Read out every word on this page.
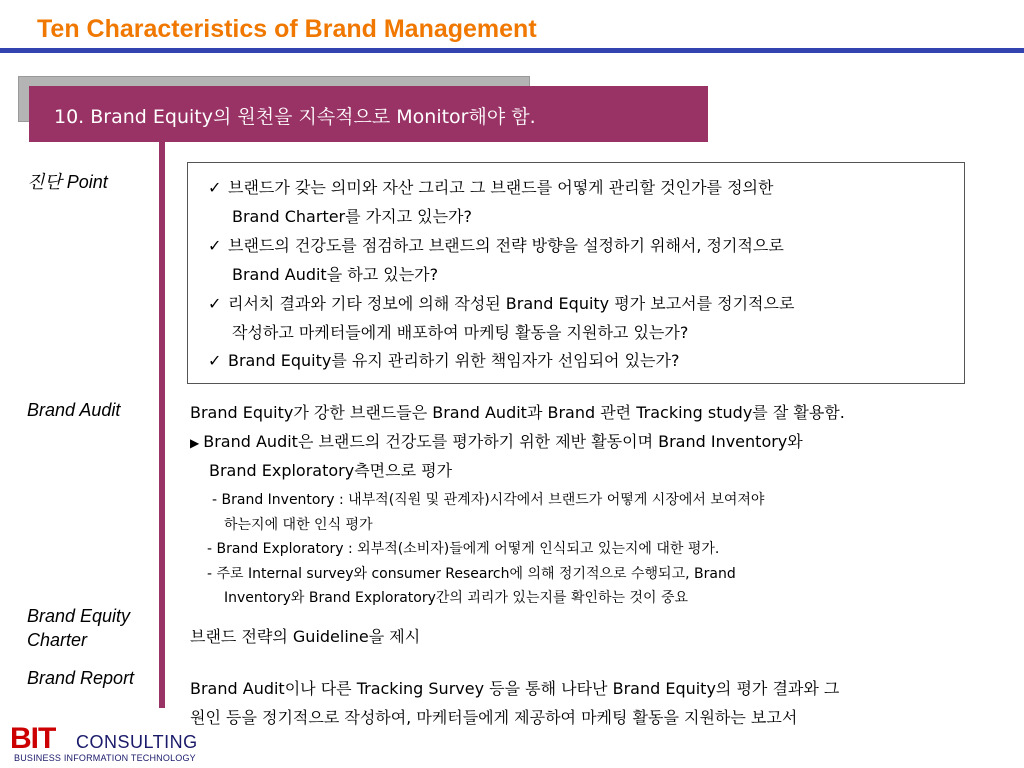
Ten Characteristics of Brand Management
10. Brand Equity의 원천을 지속적으로 Monitor해야 함.
진단 Point
Brand Audit
Brand Equity
Charter
Brand Report
✓ 브랜드가 갖는 의미와 자산 그리고 그 브랜드를 어떻게 관리할 것인가를 정의한
Brand Charter를 가지고 있는가?
✓ 브랜드의 건강도를 점검하고 브랜드의 전략 방향을 설정하기 위해서, 정기적으로
Brand Audit을 하고 있는가?
✓ 리서치 결과와 기타 정보에 의해 작성된 Brand Equity 평가 보고서를 정기적으로
작성하고 마케터들에게 배포하여 마케팅 활동을 지원하고 있는가?
✓ Brand Equity를 유지 관리하기 위한 책임자가 선임되어 있는가?
Brand Equity가 강한 브랜드들은 Brand Audit과 Brand 관련 Tracking study를 잘 활용함.
▶ Brand Audit은 브랜드의 건강도를 평가하기 위한 제반 활동이며 Brand Inventory와
Brand Exploratory측면으로 평가
- Brand Inventory : 내부적(직원 및 관계자)시각에서 브랜드가 어떻게 시장에서 보여져야
하는지에 대한 인식 평가
- Brand Exploratory : 외부적(소비자)들에게 어떻게 인식되고 있는지에 대한 평가.
- 주로 Internal survey와 consumer Research에 의해 정기적으로 수행되고, Brand
Inventory와 Brand Exploratory간의 괴리가 있는지를 확인하는 것이 중요
브랜드 전략의 Guideline을 제시
Brand Audit이나 다른 Tracking Survey 등을 통해 나타난 Brand Equity의 평가 결과와 그
원인 등을 정기적으로 작성하여, 마케터들에게 제공하여 마케팅 활동을 지원하는 보고서
BIT CONSULTING
BUSINESS INFORMATION TECHNOLOGY
